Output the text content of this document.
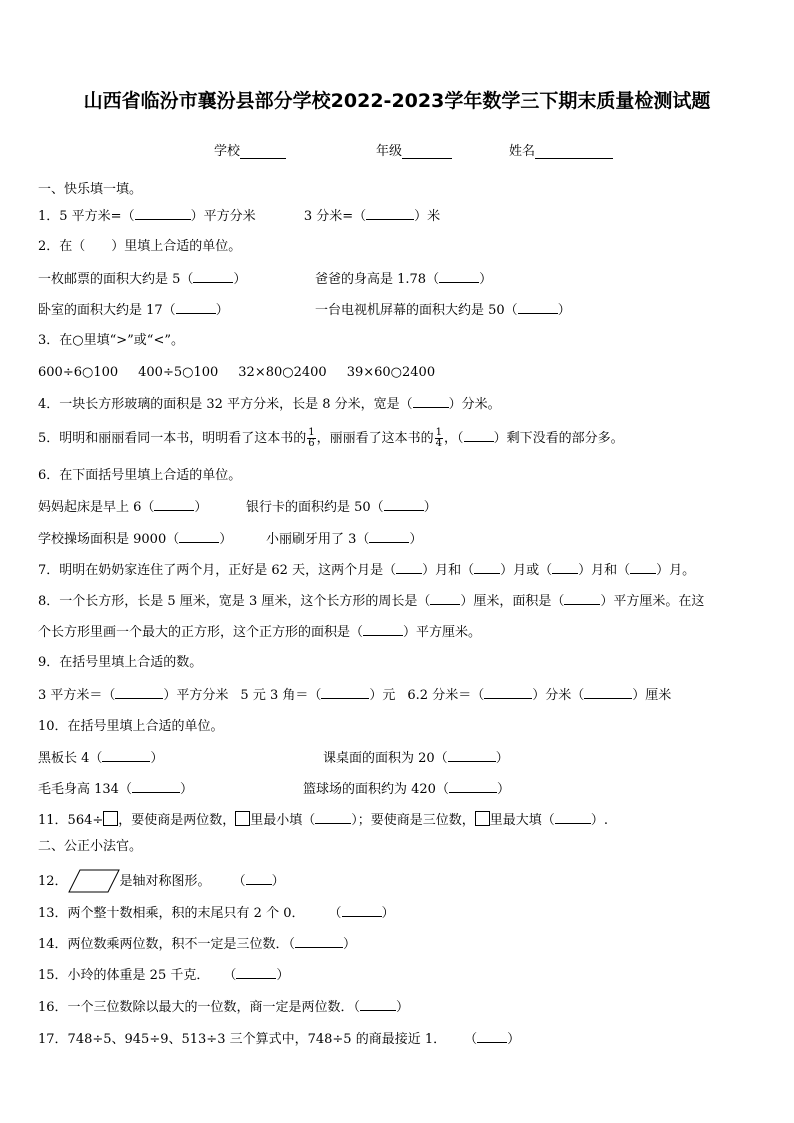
山西省临汾市襄汾县部分学校2022-2023学年数学三下期末质量检测试题
学校	年级	姓名
一、快乐填一填。
1．5 平方米=（	）平方分米	3 分米=（	）米
2．在（　　）里填上合适的单位。
一枚邮票的面积大约是 5（	）	爸爸的身高是 1.78（	）
卧室的面积大约是 17（	）	一台电视机屏幕的面积大约是 50（	）
3．在○里填“>”或“<”。
600÷6○100 400÷5○100 32×80○2400 39×60○2400
4．一块长方形玻璃的面积是 32 平方分米，长是 8 分米，宽是（	）分米。
5．明明和丽丽看同一本书，明明看了这本书的 $\frac{1}{6}$ ，丽丽看了这本书的 $\frac{1}{4}$ ，（ ）剩下没看的部分多。
6．在下面括号里填上合适的单位。
妈妈起床是早上 6（	）	银行卡的面积约是 50（	）
学校操场面积是 9000（	）	小丽刷牙用了 3（	）
7．明明在奶奶家连住了两个月，正好是 62 天，这两个月是（ ）月和（ ）月或（ ）月和（ ）月。
8．一个长方形，长是 5 厘米，宽是 3 厘米，这个长方形的周长是（ ）厘米，面积是（	）平方厘米。在这
个长方形里画一个最大的正方形，这个正方形的面积是（	）平方厘米。
9．在括号里填上合适的数。
3 平方米＝（	）平方分米 5 元 3 角＝（	）元 6.2 分米＝（	）分米（	）厘米
10．在括号里填上合适的单位。
黑板长 4（	）	课桌面的面积为 20（	）
毛毛身高 134（	）	篮球场的面积约为 420（	）
11．564÷ ，要使商是两位数， 里最小填（	）；要使商是三位数， 里最大填（	）.
二、公正小法官。
12．	是轴对称图形。 （ ）
13．两个整十数相乘，积的末尾只有 2 个 0． （	）
14．两位数乘两位数，积不一定是三位数．（	）
15．小玲的体重是 25 千克． （	）
16．一个三位数除以最大的一位数，商一定是两位数．（	）
17．748÷5、945÷9、513÷3 三个算式中，748÷5 的商最接近 1． （ ）
